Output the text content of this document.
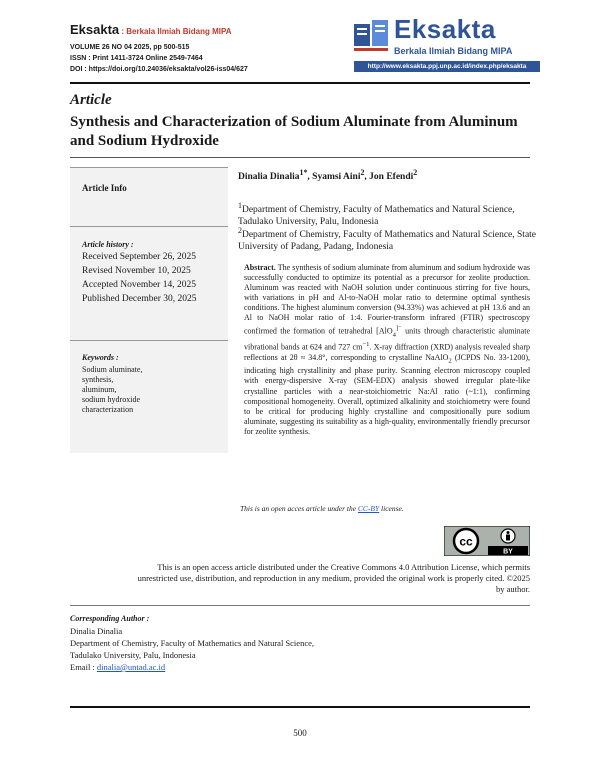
Eksakta : Berkala Ilmiah Bidang MIPA
VOLUME 26 NO 04 2025, pp 500-515
ISSN : Print 1411-3724 Online 2549-7464
DOI : https://doi.org/10.24036/eksakta/vol26-iss04/627
Eksakta
Berkala Ilmiah Bidang MIPA
http://www.eksakta.ppj.unp.ac.id/index.php/eksakta
Article
Synthesis and Characterization of Sodium Aluminate from Aluminum and Sodium Hydroxide
Article Info
Article history :
Received September 26, 2025
Revised November 10, 2025
Accepted November 14, 2025
Published December 30, 2025
Keywords :
Sodium aluminate,
synthesis,
aluminum,
sodium hydroxide
characterization
Dinalia Dinalia$^{1*}$, Syamsi Aini$^2$, Jon Efendi$^2$
$^1$Department of Chemistry, Faculty of Mathematics and Natural Science, Tadulako University, Palu, Indonesia
$^2$Department of Chemistry, Faculty of Mathematics and Natural Science, State University of Padang, Padang, Indonesia
Abstract. The synthesis of sodium aluminate from aluminum and sodium hydroxide was successfully conducted to optimize its potential as a precursor for zeolite production. Aluminum was reacted with NaOH solution under continuous stirring for five hours, with variations in pH and Al-to-NaOH molar ratio to determine optimal synthesis conditions. The highest aluminum conversion (94.33%) was achieved at pH 13.6 and an Al to NaOH molar ratio of 1:4. Fourier-transform infrared (FTIR) spectroscopy confirmed the formation of tetrahedral [AlO$_4$]⁻ units through characteristic aluminate vibrational bands at 624 and 727 $cm^{-1}$. X-ray diffraction (XRD) analysis revealed sharp reflections at 2θ ≈ 34.8°, corresponding to crystalline NaAlO$_2$ (JCPDS No. 33-1200), indicating high crystallinity and phase purity. Scanning electron microscopy coupled with energy-dispersive X-ray (SEM-EDX) analysis showed irregular plate-like crystalline particles with a near-stoichiometric Na:Al ratio (~1:1), confirming compositional homogeneity. Overall, optimized alkalinity and stoichiometry were found to be critical for producing highly crystalline and compositionally pure sodium aluminate, suggesting its suitability as a high-quality, environmentally friendly precursor for zeolite synthesis.
This is an open acces article under the CC-BY license.
cc
BY
This is an open access article distributed under the Creative Commons 4.0 Attribution License, which permits unrestricted use, distribution, and reproduction in any medium, provided the original work is properly cited. ©2025 by author.
Corresponding Author :
Dinalia Dinalia
Department of Chemistry, Faculty of Mathematics and Natural Science,
Tadulako University, Palu, Indonesia
Email : dinalia@untad.ac.id
500
